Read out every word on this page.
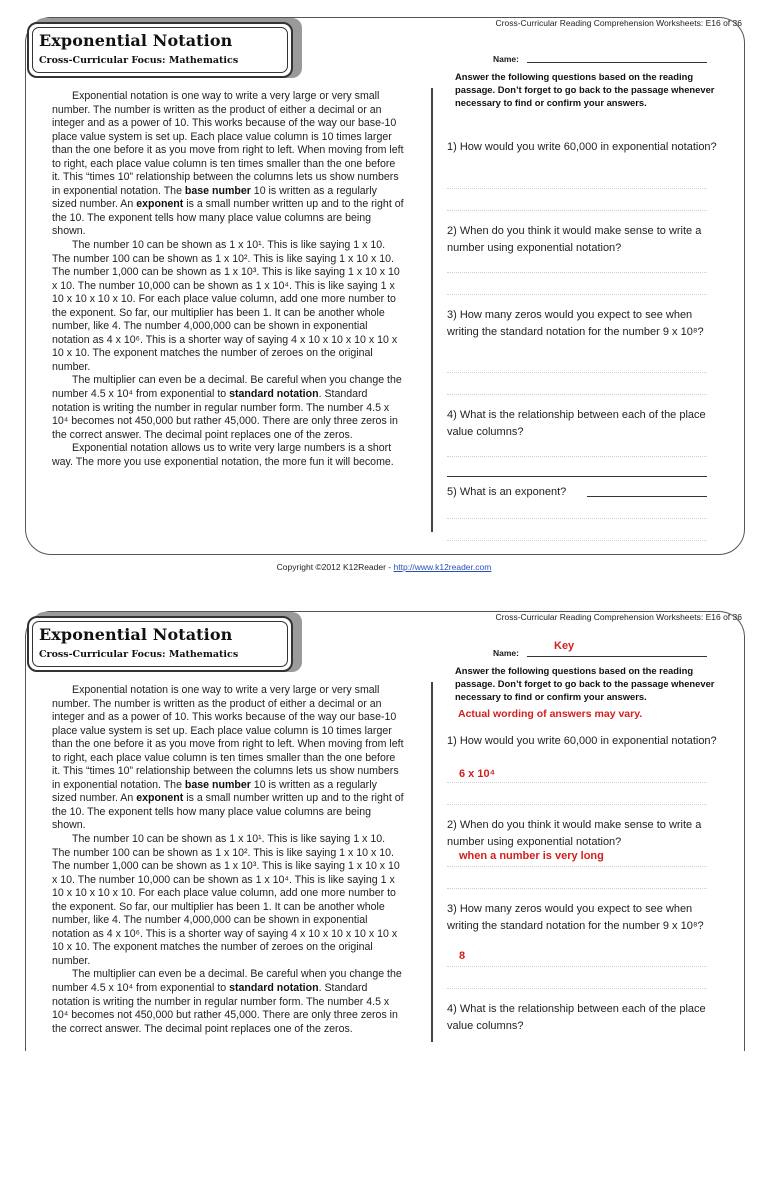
Cross-Curricular Reading Comprehension Worksheets: E16 of 36
Exponential Notation
Cross-Curricular Focus: Mathematics

Exponential notation is one way to write a very large or very small number. The number is written as the product of either a decimal or an integer and as a power of 10. This works because of the way our base-10 place value system is set up. Each place value column is 10 times larger than the one before it as you move from right to left. When moving from left to right, each place value column is ten times smaller than the one before it. This “times 10” relationship between the columns lets us show numbers in exponential notation. The base number 10 is written as a regularly sized number. An exponent is a small number written up and to the right of the 10. The exponent tells how many place value columns are being shown.

The number 10 can be shown as 1 x 10¹. This is like saying 1 x 10. The number 100 can be shown as 1 x 10². This is like saying 1 x 10 x 10. The number 1,000 can be shown as 1 x 10³. This is like saying 1 x 10 x 10 x 10. The number 10,000 can be shown as 1 x 10⁴. This is like saying 1 x 10 x 10 x 10 x 10. For each place value column, add one more number to the exponent. So far, our multiplier has been 1. It can be another whole number, like 4. The number 4,000,000 can be shown in exponential notation as 4 x 10⁶. This is a shorter way of saying 4 x 10 x 10 x 10 x 10 x 10 x 10. The exponent matches the number of zeroes on the original number.

The multiplier can even be a decimal. Be careful when you change the number 4.5 x 10⁴ from exponential to standard notation. Standard notation is writing the number in regular number form. The number 4.5 x 10⁴ becomes not 450,000 but rather 45,000. There are only three zeros in the correct answer. The decimal point replaces one of the zeros.

Exponential notation allows us to write very large numbers is a short way. The more you use exponential notation, the more fun it will become.

Name:
Answer the following questions based on the reading passage. Don’t forget to go back to the passage whenever necessary to find or confirm your answers.
1) How would you write 60,000 in exponential notation?
2) When do you think it would make sense to write a number using exponential notation?
3) How many zeros would you expect to see when writing the standard notation for the number 9 x 10⁸?
4) What is the relationship between each of the place value columns?
5) What is an exponent?
Copyright ©2012 K12Reader - http://www.k12reader.com
Cross-Curricular Reading Comprehension Worksheets: E16 of 36
Exponential Notation
Cross-Curricular Focus: Mathematics

Exponential notation is one way to write a very large or very small number. The number is written as the product of either a decimal or an integer and as a power of 10. This works because of the way our base-10 place value system is set up. Each place value column is 10 times larger than the one before it as you move from right to left. When moving from left to right, each place value column is ten times smaller than the one before it. This “times 10” relationship between the columns lets us show numbers in exponential notation. The base number 10 is written as a regularly sized number. An exponent is a small number written up and to the right of the 10. The exponent tells how many place value columns are being shown.

The number 10 can be shown as 1 x 10¹. This is like saying 1 x 10. The number 100 can be shown as 1 x 10². This is like saying 1 x 10 x 10. The number 1,000 can be shown as 1 x 10³. This is like saying 1 x 10 x 10 x 10. The number 10,000 can be shown as 1 x 10⁴. This is like saying 1 x 10 x 10 x 10 x 10. For each place value column, add one more number to the exponent. So far, our multiplier has been 1. It can be another whole number, like 4. The number 4,000,000 can be shown in exponential notation as 4 x 10⁶. This is a shorter way of saying 4 x 10 x 10 x 10 x 10 x 10 x 10. The exponent matches the number of zeroes on the original number.

The multiplier can even be a decimal. Be careful when you change the number 4.5 x 10⁴ from exponential to standard notation. Standard notation is writing the number in regular number form. The number 4.5 x 10⁴ becomes not 450,000 but rather 45,000. There are only three zeros in the correct answer. The decimal point replaces one of the zeros.

Name:
Key
Answer the following questions based on the reading passage. Don’t forget to go back to the passage whenever necessary to find or confirm your answers.
Actual wording of answers may vary.
1) How would you write 60,000 in exponential notation?
6 x 10⁴
2) When do you think it would make sense to write a number using exponential notation?
when a number is very long
3) How many zeros would you expect to see when writing the standard notation for the number 9 x 10⁸?
8
4) What is the relationship between each of the place value columns?
